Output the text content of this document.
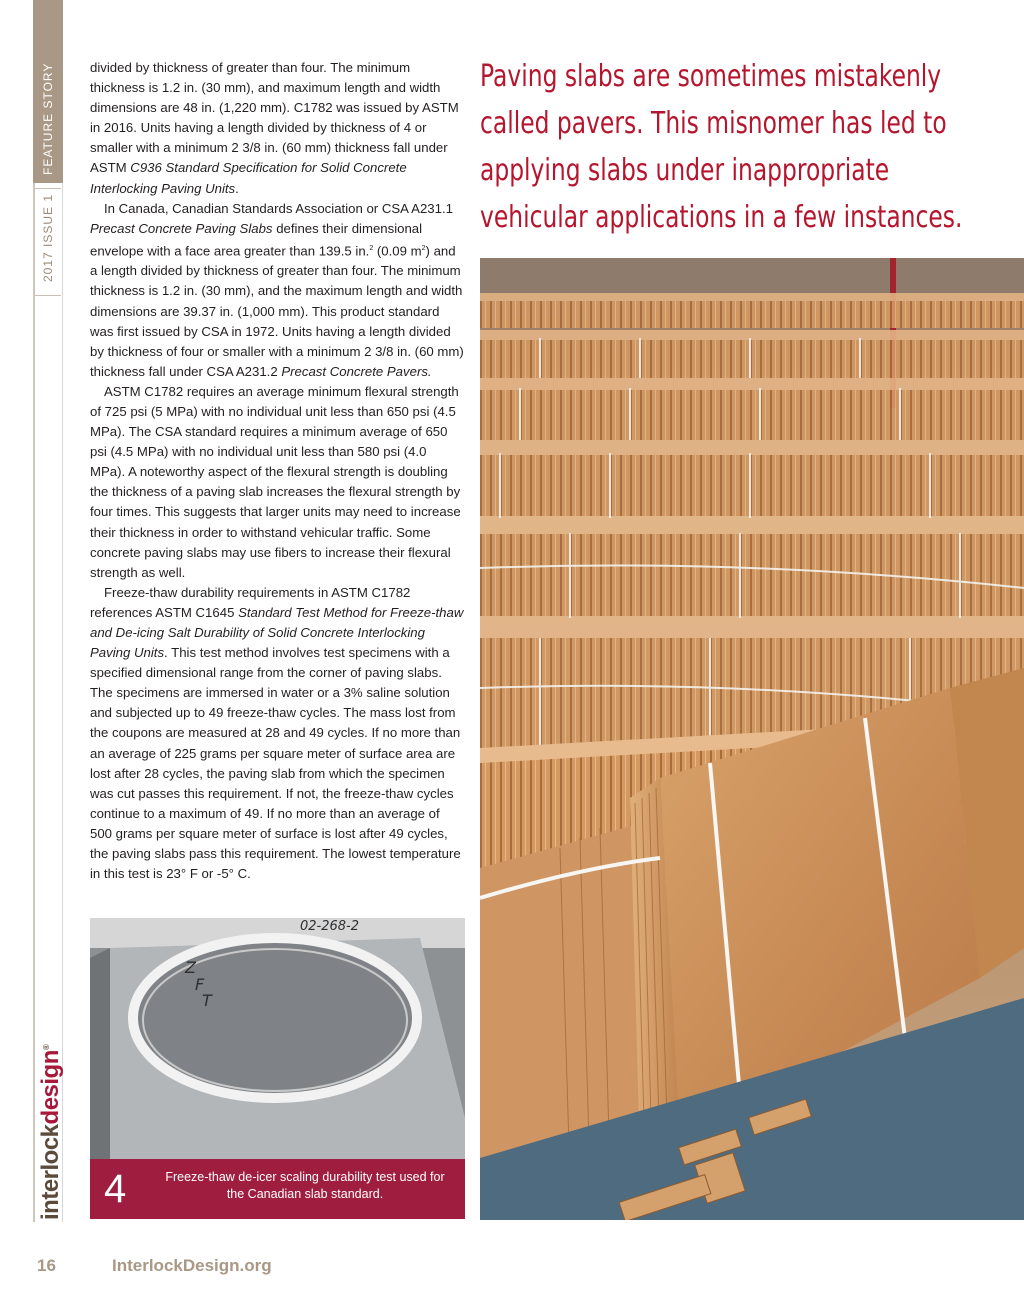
FEATURE STORY
2017 ISSUE 1
interlockdesign®

divided by thickness of greater than four. The minimum thickness is 1.2 in. (30 mm), and maximum length and width dimensions are 48 in. (1,220 mm). C1782 was issued by ASTM in 2016. Units having a length divided by thickness of 4 or smaller with a minimum 2 3/8 in. (60 mm) thickness fall under ASTM C936 Standard Specification for Solid Concrete Interlocking Paving Units.

In Canada, Canadian Standards Association or CSA A231.1 Precast Concrete Paving Slabs defines their dimensional envelope with a face area greater than 139.5 in.$^2$ (0.09 $m^2$) and a length divided by thickness of greater than four. The minimum thickness is 1.2 in. (30 mm), and the maximum length and width dimensions are 39.37 in. (1,000 mm). This product standard was first issued by CSA in 1972. Units having a length divided by thickness of four or smaller with a minimum 2 3/8 in. (60 mm) thickness fall under CSA A231.2 Precast Concrete Pavers.

ASTM C1782 requires an average minimum flexural strength of 725 psi (5 MPa) with no individual unit less than 650 psi (4.5 MPa). The CSA standard requires a minimum average of 650 psi (4.5 MPa) with no individual unit less than 580 psi (4.0 MPa). A noteworthy aspect of the flexural strength is doubling the thickness of a paving slab increases the flexural strength by four times. This suggests that larger units may need to increase their thickness in order to withstand vehicular traffic. Some concrete paving slabs may use fibers to increase their flexural strength as well.

Freeze-thaw durability requirements in ASTM C1782 references ASTM C1645 Standard Test Method for Freeze-thaw and De-icing Salt Durability of Solid Concrete Interlocking Paving Units. This test method involves test specimens with a specified dimensional range from the corner of paving slabs. The specimens are immersed in water or a 3% saline solution and subjected up to 49 freeze-thaw cycles. The mass lost from the coupons are measured at 28 and 49 cycles. If no more than an average of 225 grams per square meter of surface area are lost after 28 cycles, the paving slab from which the specimen was cut passes this requirement. If not, the freeze-thaw cycles continue to a maximum of 49. If no more than an average of 500 grams per square meter of surface is lost after 49 cycles, the paving slabs pass this requirement. The lowest temperature in this test is 23° F or -5° C.

Paving slabs are sometimes mistakenly called pavers. This misnomer has led to applying slabs under inappropriate vehicular applications in a few instances.
Z
F
T
02-268-2
4	Freeze-thaw de-icer scaling durability test used for the Canadian slab standard.
16	InterlockDesign.org
